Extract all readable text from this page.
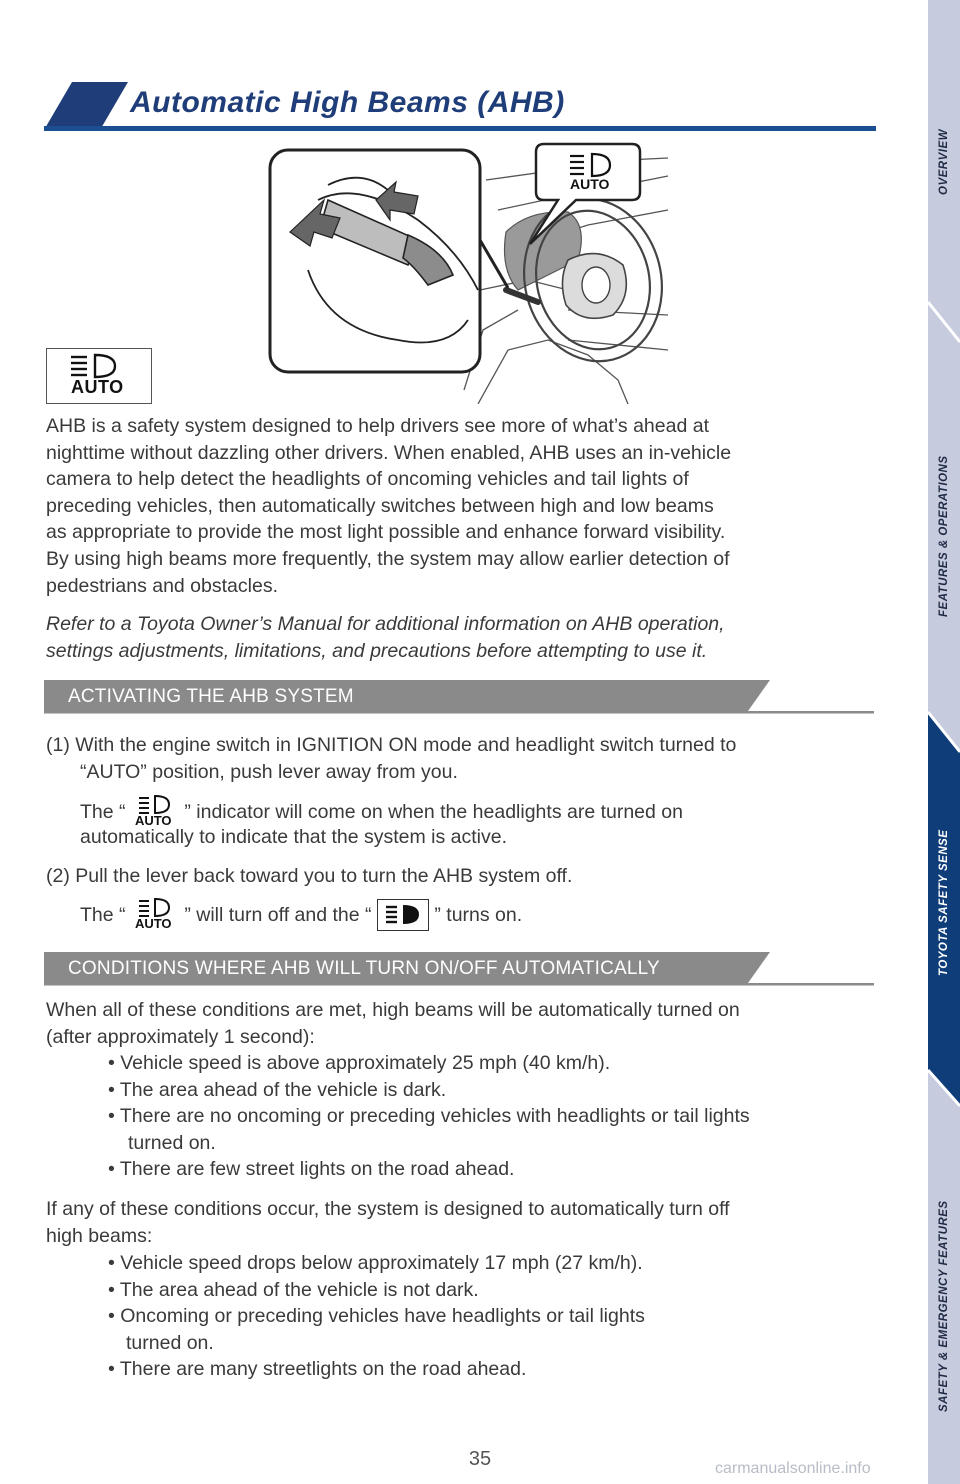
Automatic High Beams (AHB)
AUTO
AUTO
AHB is a safety system designed to help drivers see more of what’s ahead at
nighttime without dazzling other drivers. When enabled, AHB uses an in-vehicle
camera to help detect the headlights of oncoming vehicles and tail lights of
preceding vehicles, then automatically switches between high and low beams
as appropriate to provide the most light possible and enhance forward visibility.
By using high beams more frequently, the system may allow earlier detection of
pedestrians and obstacles.
Refer to a Toyota Owner’s Manual for additional information on AHB operation,
settings adjustments, limitations, and precautions before attempting to use it.
ACTIVATING THE AHB SYSTEM
(1) With the engine switch in IGNITION ON mode and headlight switch turned to
“AUTO” position, push lever away from you.
The “ AUTO ” indicator will come on when the headlights are turned on
automatically to indicate that the system is active.
(2) Pull the lever back toward you to turn the AHB system off.
The “ AUTO ” will turn off and the “	” turns on.
CONDITIONS WHERE AHB WILL TURN ON/OFF AUTOMATICALLY
When all of these conditions are met, high beams will be automatically turned on
(after approximately 1 second):
• Vehicle speed is above approximately 25 mph (40 km/h).
• The area ahead of the vehicle is dark.
• There are no oncoming or preceding vehicles with headlights or tail lights
turned on.
• There are few street lights on the road ahead.
If any of these conditions occur, the system is designed to automatically turn off
high beams:
• Vehicle speed drops below approximately 17 mph (27 km/h).
• The area ahead of the vehicle is not dark.
• Oncoming or preceding vehicles have headlights or tail lights
turned on.
• There are many streetlights on the road ahead.
35	carmanualsonline.info
OVERVIEW
FEATURES & OPERATIONS
TOYOTA SAFETY SENSE
SAFETY & EMERGENCY FEATURES
